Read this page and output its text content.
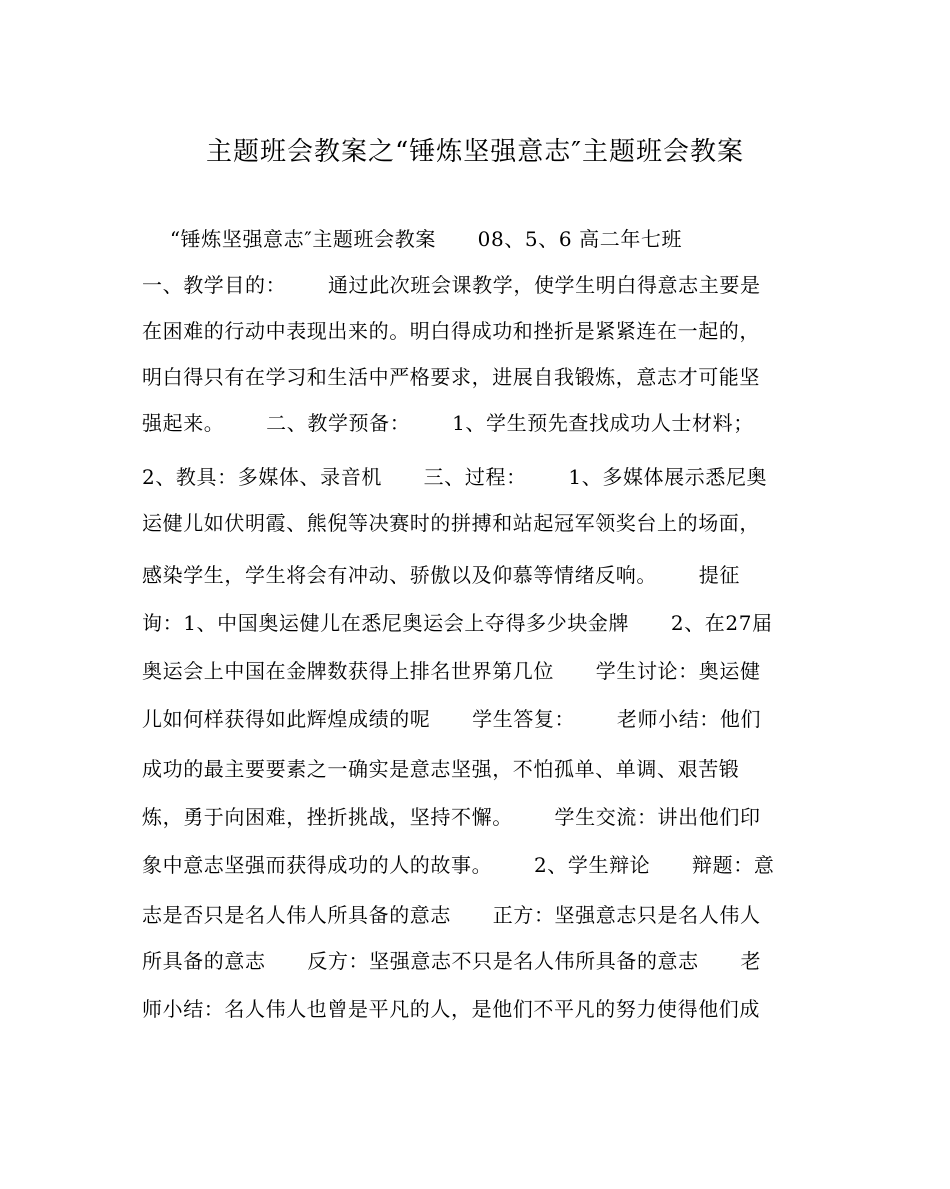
主题班会教案之“锤炼坚强意志″主题班会教案

“锤炼坚强意志″主题班会教案      08、5、6 高二年七班

一、教学目的：      通过此次班会课教学，使学生明白得意志主要是

在困难的行动中表现出来的。明白得成功和挫折是紧紧连在一起的，

明白得只有在学习和生活中严格要求，进展自我锻炼，意志才可能坚

强起来。      二、教学预备：      1、学生预先查找成功人士材料；

2、教具：多媒体、录音机      三、过程：      1、多媒体展示悉尼奥

运健儿如伏明霞、熊倪等决赛时的拼搏和站起冠军领奖台上的场面，

感染学生，学生将会有冲动、骄傲以及仰慕等情绪反响。      提征

询：1、中国奥运健儿在悉尼奥运会上夺得多少块金牌      2、在27届

奥运会上中国在金牌数获得上排名世界第几位      学生讨论：奥运健

儿如何样获得如此辉煌成绩的呢      学生答复：      老师小结：他们

成功的最主要要素之一确实是意志坚强，不怕孤单、单调、艰苦锻

炼，勇于向困难，挫折挑战，坚持不懈。      学生交流：讲出他们印

象中意志坚强而获得成功的人的故事。      2、学生辩论      辩题：意

志是否只是名人伟人所具备的意志      正方：坚强意志只是名人伟人

所具备的意志      反方：坚强意志不只是名人伟所具备的意志      老

师小结：名人伟人也曾是平凡的人，是他们不平凡的努力使得他们成
